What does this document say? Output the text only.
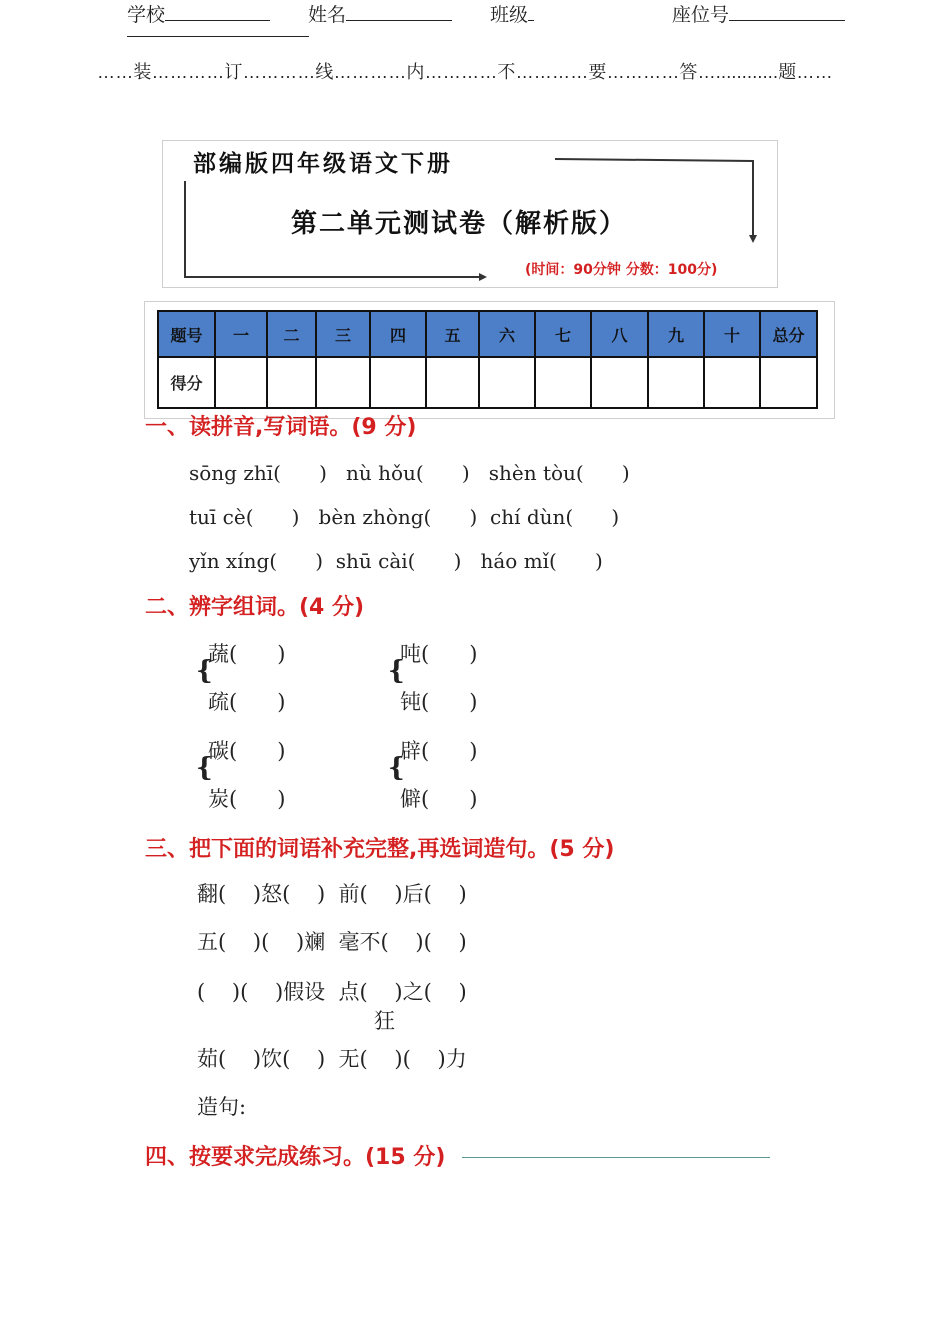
学校	姓名	班级	座位号
……装…………订…………线…………内…………不…………要…………答…............题……
部编版四年级语文下册
第二单元测试卷（解析版）
(时间：90分钟 分数：100分)
题号	一	二	三	四	五	六	七	八	九	十	总分
得分											
一、读拼音,写词语。(9 分)
sōng zhī(      )   nù hǒu(      )   shèn tòu(      )
tuī cè(      )   bèn zhòng(      )  chí dùn(      )
yǐn xíng(      )  shū cài(      )   háo mǐ(      )
二、辨字组词。(4 分)
蔬(      )
{
疏(      )
吨(      )
{
钝(      )
碳(      )
{
炭(      )
辟(      )
{
僻(      )
三、把下面的词语补充完整,再选词造句。(5 分)
翻(    )怒(    )  前(    )后(    )
五(    )(    )斓  毫不(    )(    )
(    )(    )假设  点(    )之(    )
狂
茹(    )饮(    )  无(    )(    )力
造句:
四、按要求完成练习。(15 分)
